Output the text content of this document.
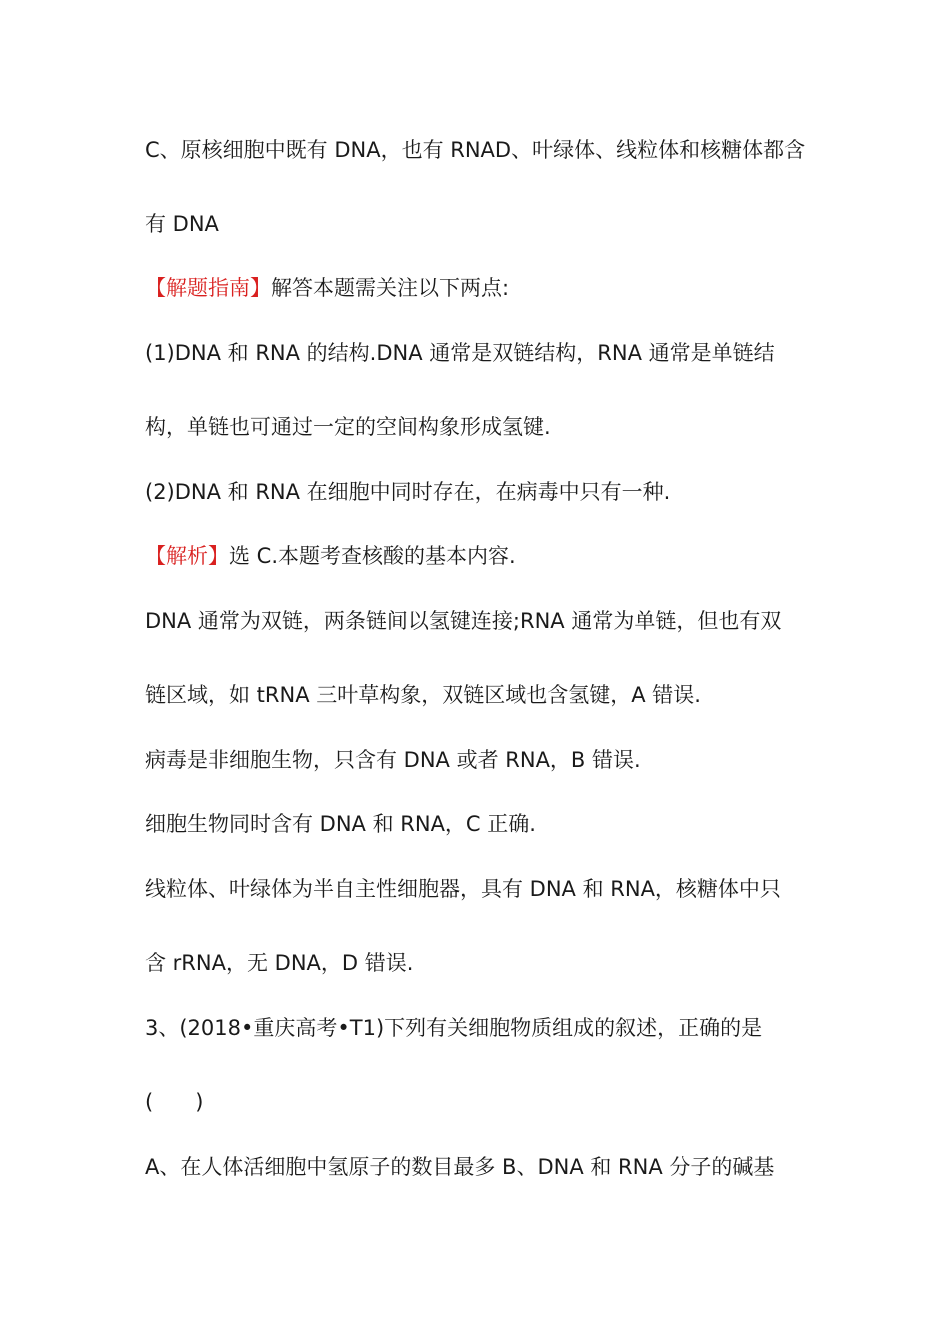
C、原核细胞中既有 DNA，也有 RNAD、叶绿体、线粒体和核糖体都含

有 DNA

【解题指南】解答本题需关注以下两点:

(1)DNA 和 RNA 的结构.DNA 通常是双链结构，RNA 通常是单链结

构，单链也可通过一定的空间构象形成氢键.

(2)DNA 和 RNA 在细胞中同时存在，在病毒中只有一种.

【解析】选 C.本题考查核酸的基本内容.

DNA 通常为双链，两条链间以氢键连接;RNA 通常为单链，但也有双

链区域，如 tRNA 三叶草构象，双链区域也含氢键，A 错误.

病毒是非细胞生物，只含有 DNA 或者 RNA，B 错误.

细胞生物同时含有 DNA 和 RNA，C 正确.

线粒体、叶绿体为半自主性细胞器，具有 DNA 和 RNA，核糖体中只

含 rRNA，无 DNA，D 错误.

3、(2018•重庆高考•T1)下列有关细胞物质组成的叙述，正确的是

(　　)

A、在人体活细胞中氢原子的数目最多 B、DNA 和 RNA 分子的碱基
